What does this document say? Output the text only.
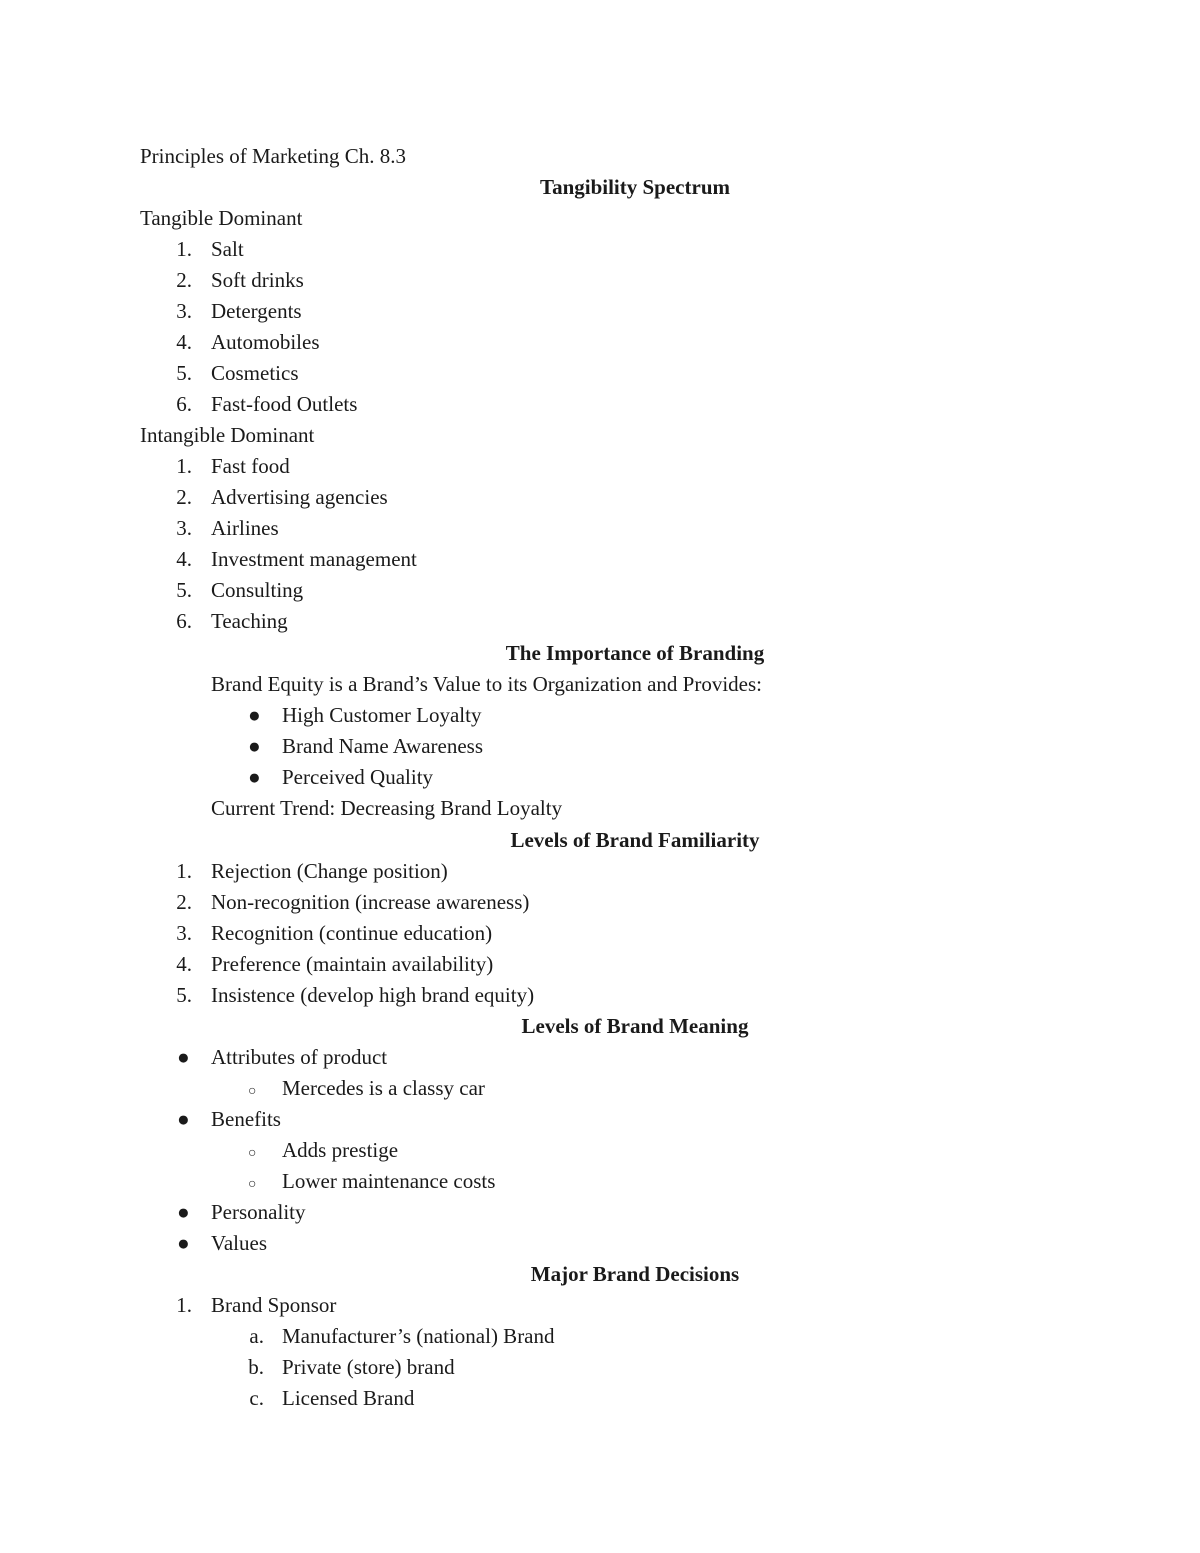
Principles of Marketing Ch. 8.3
Tangibility Spectrum
Tangible Dominant
1. Salt
2. Soft drinks
3. Detergents
4. Automobiles
5. Cosmetics
6. Fast-food Outlets
Intangible Dominant
1. Fast food
2. Advertising agencies
3. Airlines
4. Investment management
5. Consulting
6. Teaching
The Importance of Branding
Brand Equity is a Brand’s Value to its Organization and Provides:
● High Customer Loyalty
● Brand Name Awareness
● Perceived Quality
Current Trend: Decreasing Brand Loyalty
Levels of Brand Familiarity
1. Rejection (Change position)
2. Non-recognition (increase awareness)
3. Recognition (continue education)
4. Preference (maintain availability)
5. Insistence (develop high brand equity)
Levels of Brand Meaning
● Attributes of product
○ Mercedes is a classy car
● Benefits
○ Adds prestige
○ Lower maintenance costs
● Personality
● Values
Major Brand Decisions
1. Brand Sponsor
a. Manufacturer’s (national) Brand
b. Private (store) brand
c. Licensed Brand
